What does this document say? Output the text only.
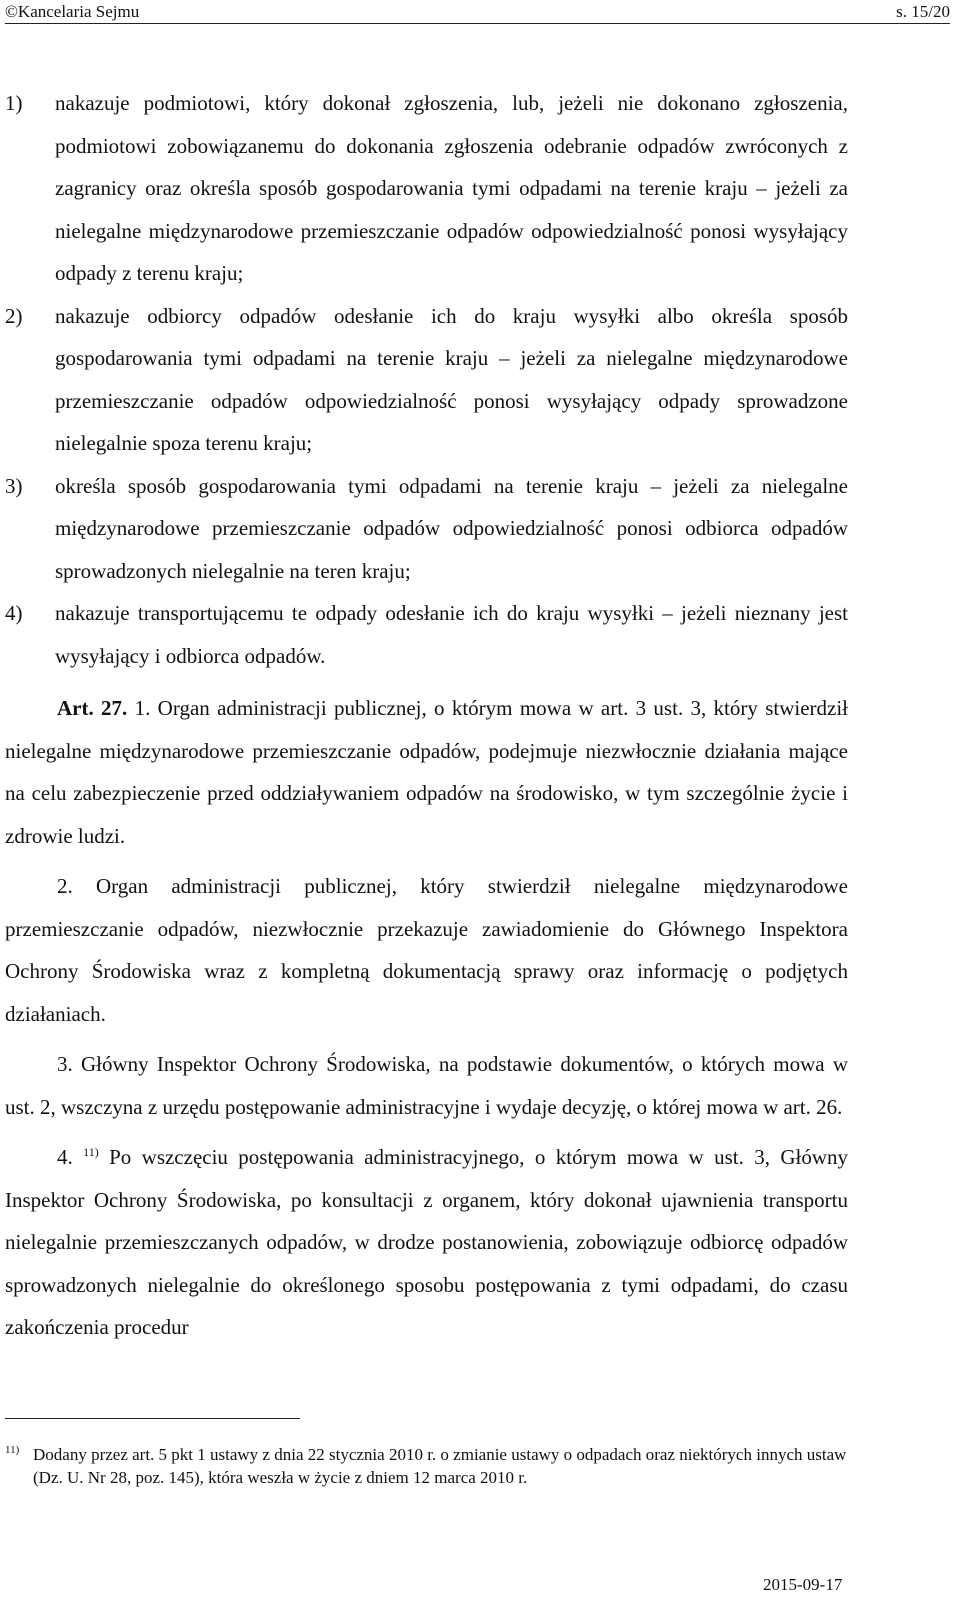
©Kancelaria Sejmu	s. 15/20
1)	nakazuje podmiotowi, który dokonał zgłoszenia, lub, jeżeli nie dokonano zgłoszenia, podmiotowi zobowiązanemu do dokonania zgłoszenia odebranie odpadów zwróconych z zagranicy oraz określa sposób gospodarowania tymi odpadami na terenie kraju – jeżeli za nielegalne międzynarodowe przemieszczanie odpadów odpowiedzialność ponosi wysyłający odpady z terenu kraju;
2)	nakazuje odbiorcy odpadów odesłanie ich do kraju wysyłki albo określa sposób gospodarowania tymi odpadami na terenie kraju – jeżeli za nielegalne międzynarodowe przemieszczanie odpadów odpowiedzialność ponosi wysyłający odpady sprowadzone nielegalnie spoza terenu kraju;
3)	określa sposób gospodarowania tymi odpadami na terenie kraju – jeżeli za nielegalne międzynarodowe przemieszczanie odpadów odpowiedzialność ponosi odbiorca odpadów sprowadzonych nielegalnie na teren kraju;
4)	nakazuje transportującemu te odpady odesłanie ich do kraju wysyłki – jeżeli nieznany jest wysyłający i odbiorca odpadów.

Art. 27. 1. Organ administracji publicznej, o którym mowa w art. 3 ust. 3, który stwierdził nielegalne międzynarodowe przemieszczanie odpadów, podejmuje niezwłocznie działania mające na celu zabezpieczenie przed oddziaływaniem odpadów na środowisko, w tym szczególnie życie i zdrowie ludzi.

2. Organ administracji publicznej, który stwierdził nielegalne międzynarodowe przemieszczanie odpadów, niezwłocznie przekazuje zawiadomienie do Głównego Inspektora Ochrony Środowiska wraz z kompletną dokumentacją sprawy oraz informację o podjętych działaniach.

3. Główny Inspektor Ochrony Środowiska, na podstawie dokumentów, o których mowa w ust. 2, wszczyna z urzędu postępowanie administracyjne i wydaje decyzję, o której mowa w art. 26.

4. $^{11)}$ Po wszczęciu postępowania administracyjnego, o którym mowa w ust. 3, Główny Inspektor Ochrony Środowiska, po konsultacji z organem, który dokonał ujawnienia transportu nielegalnie przemieszczanych odpadów, w drodze postanowienia, zobowiązuje odbiorcę odpadów sprowadzonych nielegalnie do określonego sposobu postępowania z tymi odpadami, do czasu zakończenia procedur

11) Dodany przez art. 5 pkt 1 ustawy z dnia 22 stycznia 2010 r. o zmianie ustawy o odpadach oraz niektórych innych ustaw (Dz. U. Nr 28, poz. 145), która weszła w życie z dniem 12 marca 2010 r.
2015-09-17
